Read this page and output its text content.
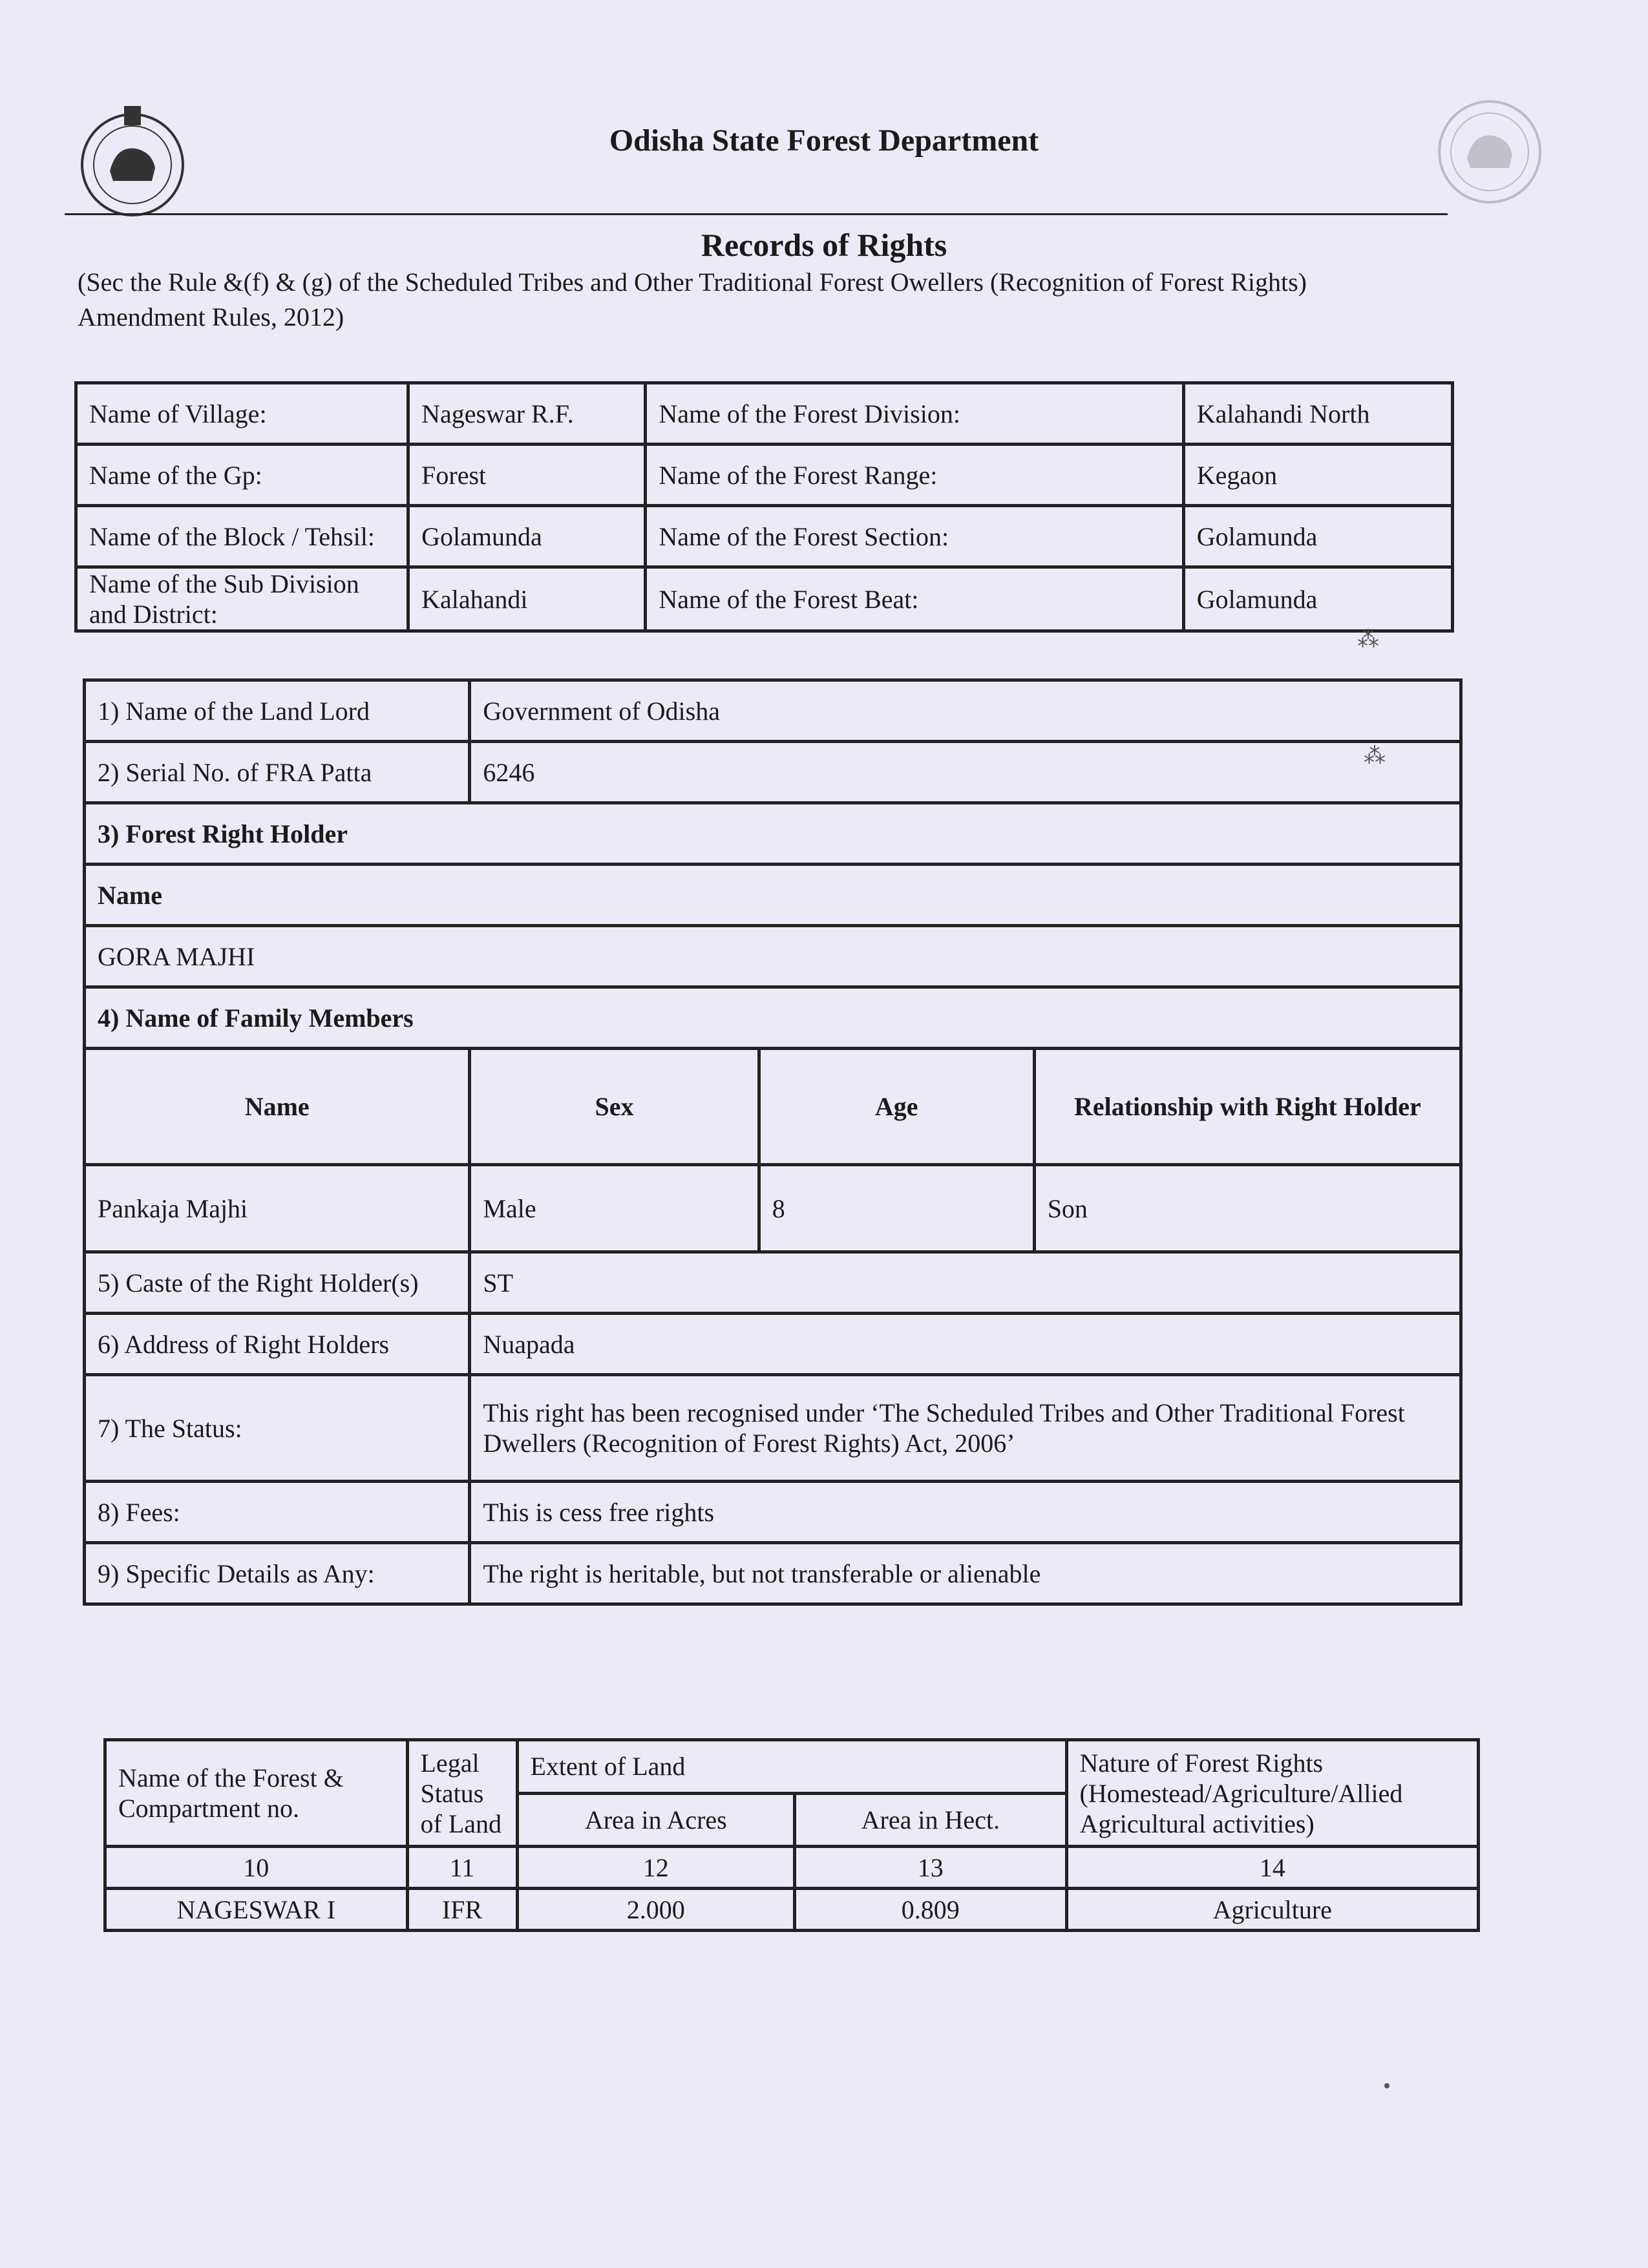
Odisha State Forest Department
Records of Rights
(Sec the Rule &(f) & (g) of the Scheduled Tribes and Other Traditional Forest Owellers (Recognition of Forest Rights) Amendment Rules, 2012)
Name of Village:	Nageswar R.F.	Name of the Forest Division:	Kalahandi North
Name of the Gp:	Forest	Name of the Forest Range:	Kegaon
Name of the Block / Tehsil:	Golamunda	Name of the Forest Section:	Golamunda
Name of the Sub Division and District:	Kalahandi	Name of the Forest Beat:	Golamunda
1) Name of the Land Lord	Government of Odisha		
2) Serial No. of FRA Patta	6246		
3) Forest Right Holder			
Name			
GORA MAJHI			
4) Name of Family Members			
Name	Sex	Age	Relationship with Right Holder
Pankaja Majhi	Male	8	Son
5) Caste of the Right Holder(s)	ST		
6) Address of Right Holders	Nuapada		
7) The Status:	This right has been recognised under ‘The Scheduled Tribes and Other Traditional Forest Dwellers (Recognition of Forest Rights) Act, 2006’		
8) Fees:	This is cess free rights		
9) Specific Details as Any:	The right is heritable, but not transferable or alienable		
Name of the Forest & Compartment no.	Legal Status of Land	Extent of Land		Nature of Forest Rights (Homestead/Agriculture/Allied Agricultural activities)
		Area in Acres	Area in Hect.	
10	11	12	13	14
NAGESWAR I	IFR	2.000	0.809	Agriculture
⁂
⁂
•
